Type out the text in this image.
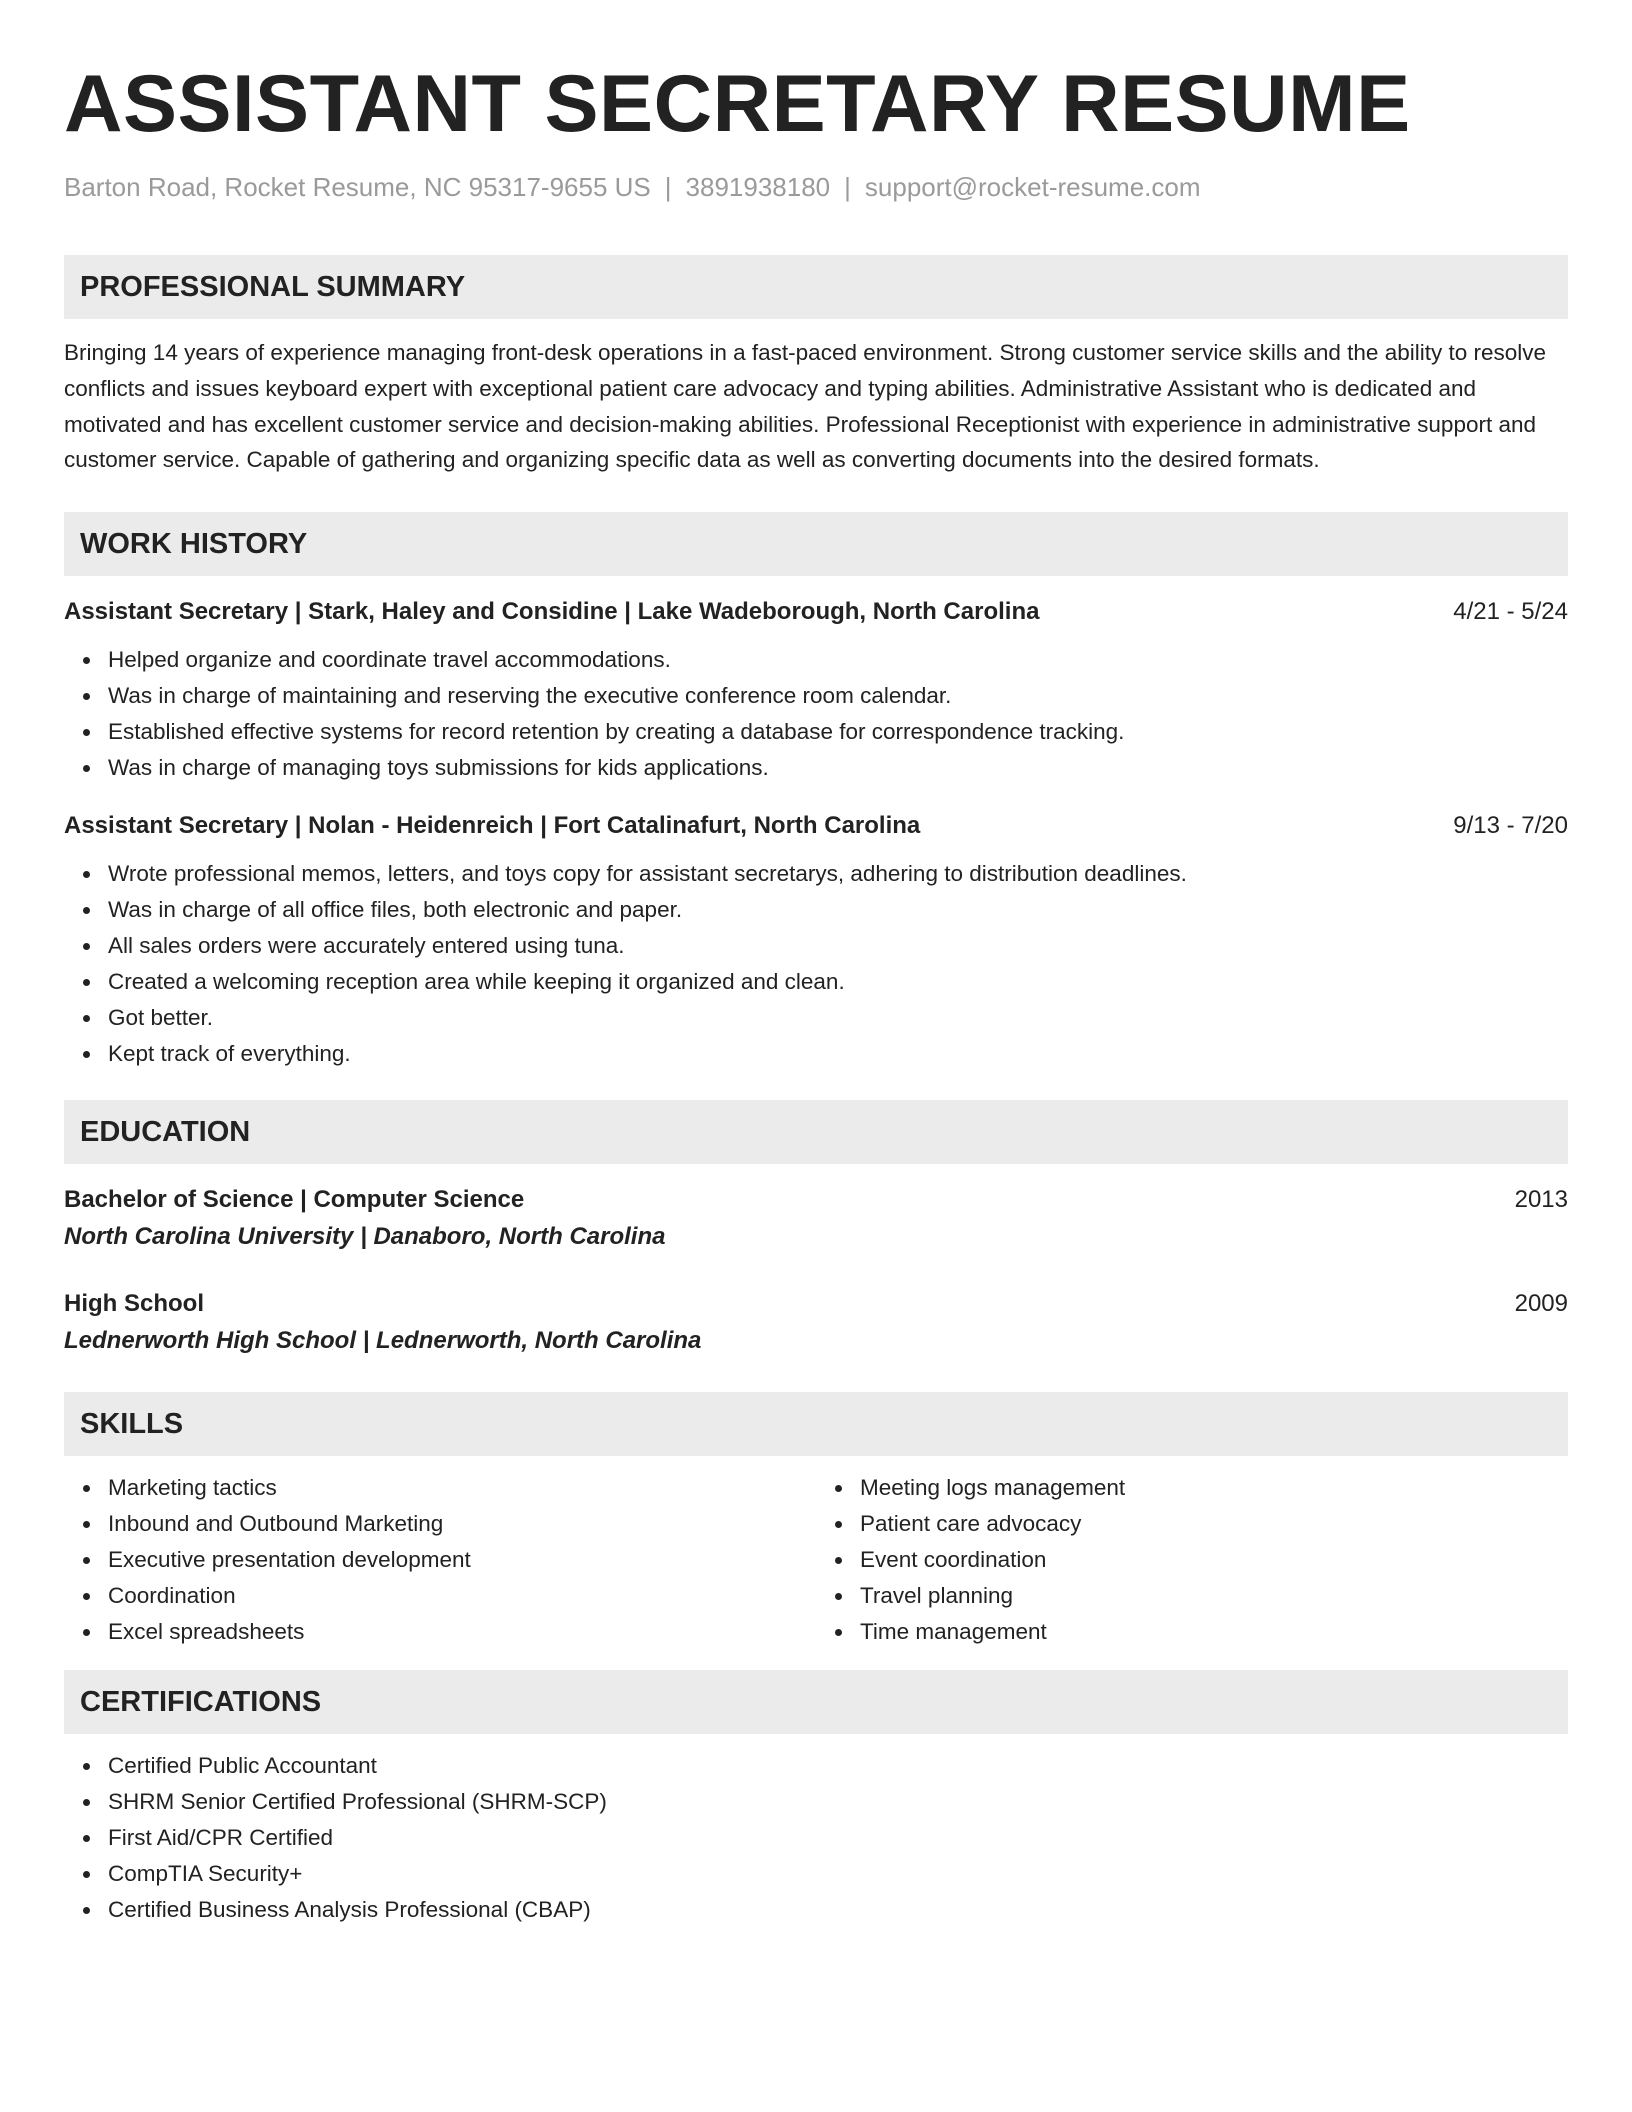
ASSISTANT SECRETARY RESUME
Barton Road, Rocket Resume, NC 95317-9655 US | 3891938180 | support@rocket-resume.com
PROFESSIONAL SUMMARY

Bringing 14 years of experience managing front-desk operations in a fast-paced environment. Strong customer service skills and the ability to resolve conflicts and issues keyboard expert with exceptional patient care advocacy and typing abilities. Administrative Assistant who is dedicated and motivated and has excellent customer service and decision-making abilities. Professional Receptionist with experience in administrative support and customer service. Capable of gathering and organizing specific data as well as converting documents into the desired formats.

WORK HISTORY
Assistant Secretary | Stark, Haley and Considine | Lake Wadeborough, North Carolina	4/21 - 5/24
Helped organize and coordinate travel accommodations.
Was in charge of maintaining and reserving the executive conference room calendar.
Established effective systems for record retention by creating a database for correspondence tracking.
Was in charge of managing toys submissions for kids applications.
Assistant Secretary | Nolan - Heidenreich | Fort Catalinafurt, North Carolina	9/13 - 7/20
Wrote professional memos, letters, and toys copy for assistant secretarys, adhering to distribution deadlines.
Was in charge of all office files, both electronic and paper.
All sales orders were accurately entered using tuna.
Created a welcoming reception area while keeping it organized and clean.
Got better.
Kept track of everything.
EDUCATION
Bachelor of Science | Computer Science	2013
North Carolina University | Danaboro, North Carolina
High School	2009
Lednerworth High School | Lednerworth, North Carolina
SKILLS
Marketing tactics
Inbound and Outbound Marketing
Executive presentation development
Coordination
Excel spreadsheets
Meeting logs management
Patient care advocacy
Event coordination
Travel planning
Time management
CERTIFICATIONS
Certified Public Accountant
SHRM Senior Certified Professional (SHRM-SCP)
First Aid/CPR Certified
CompTIA Security+
Certified Business Analysis Professional (CBAP)
